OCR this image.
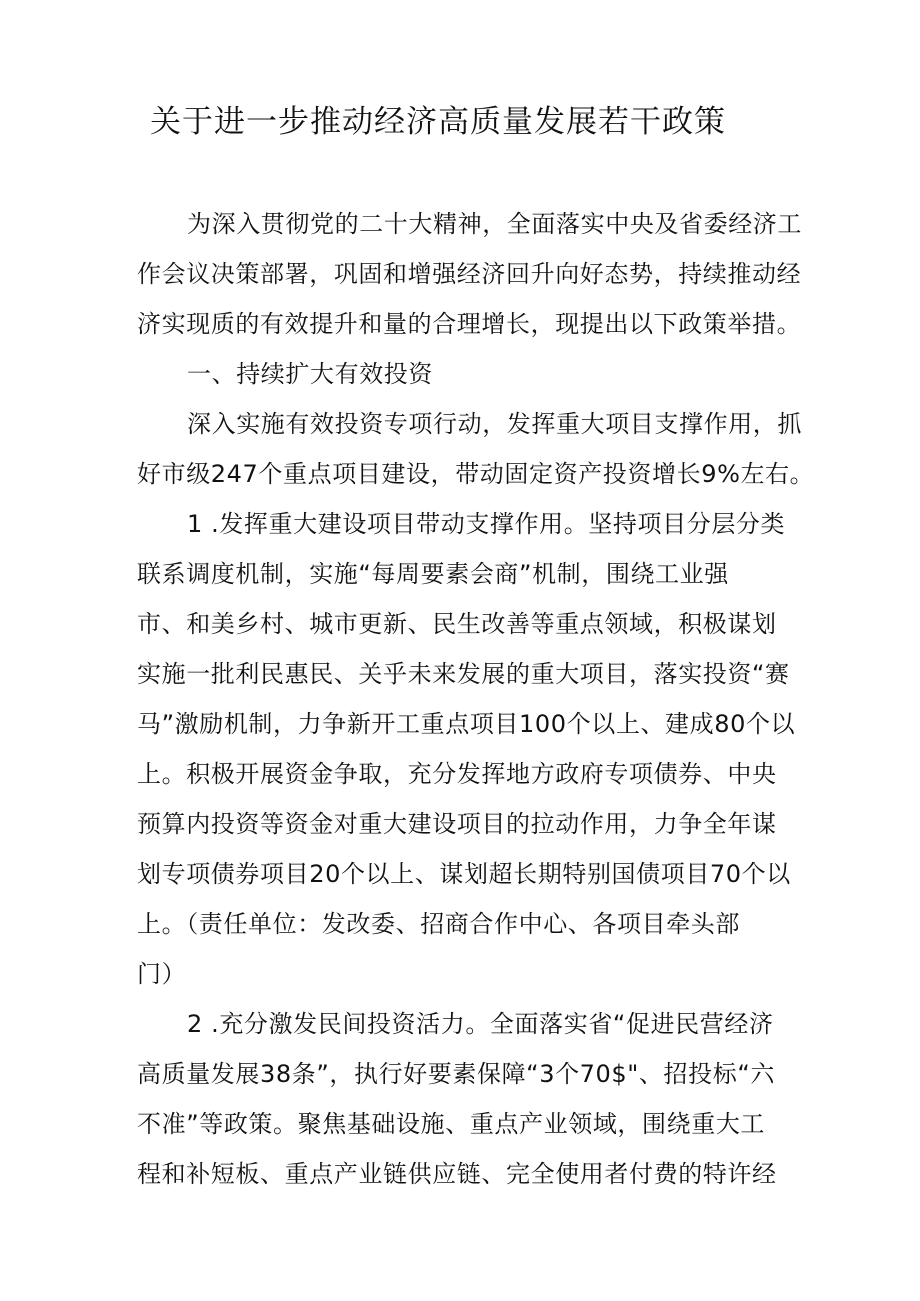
关于进一步推动经济高质量发展若干政策
为深入贯彻党的二十大精神，全面落实中央及省委经济工
作会议决策部署，巩固和增强经济回升向好态势，持续推动经
济实现质的有效提升和量的合理增长，现提出以下政策举措。
一、持续扩大有效投资
深入实施有效投资专项行动，发挥重大项目支撑作用，抓
好市级247个重点项目建设，带动固定资产投资增长9%左右。
1 .发挥重大建设项目带动支撑作用。坚持项目分层分类
联系调度机制，实施“每周要素会商”机制，围绕工业强
市、和美乡村、城市更新、民生改善等重点领域，积极谋划
实施一批利民惠民、关乎未来发展的重大项目，落实投资“赛
马”激励机制，力争新开工重点项目100个以上、建成80个以
上。积极开展资金争取，充分发挥地方政府专项债券、中央
预算内投资等资金对重大建设项目的拉动作用，力争全年谋
划专项债券项目20个以上、谋划超长期特别国债项目70个以
上。（责任单位：发改委、招商合作中心、各项目牵头部
门）
2 .充分激发民间投资活力。全面落实省“促进民营经济
高质量发展38条”，执行好要素保障“3个70$"、招投标“六
不准”等政策。聚焦基础设施、重点产业领域，围绕重大工
程和补短板、重点产业链供应链、完全使用者付费的特许经
